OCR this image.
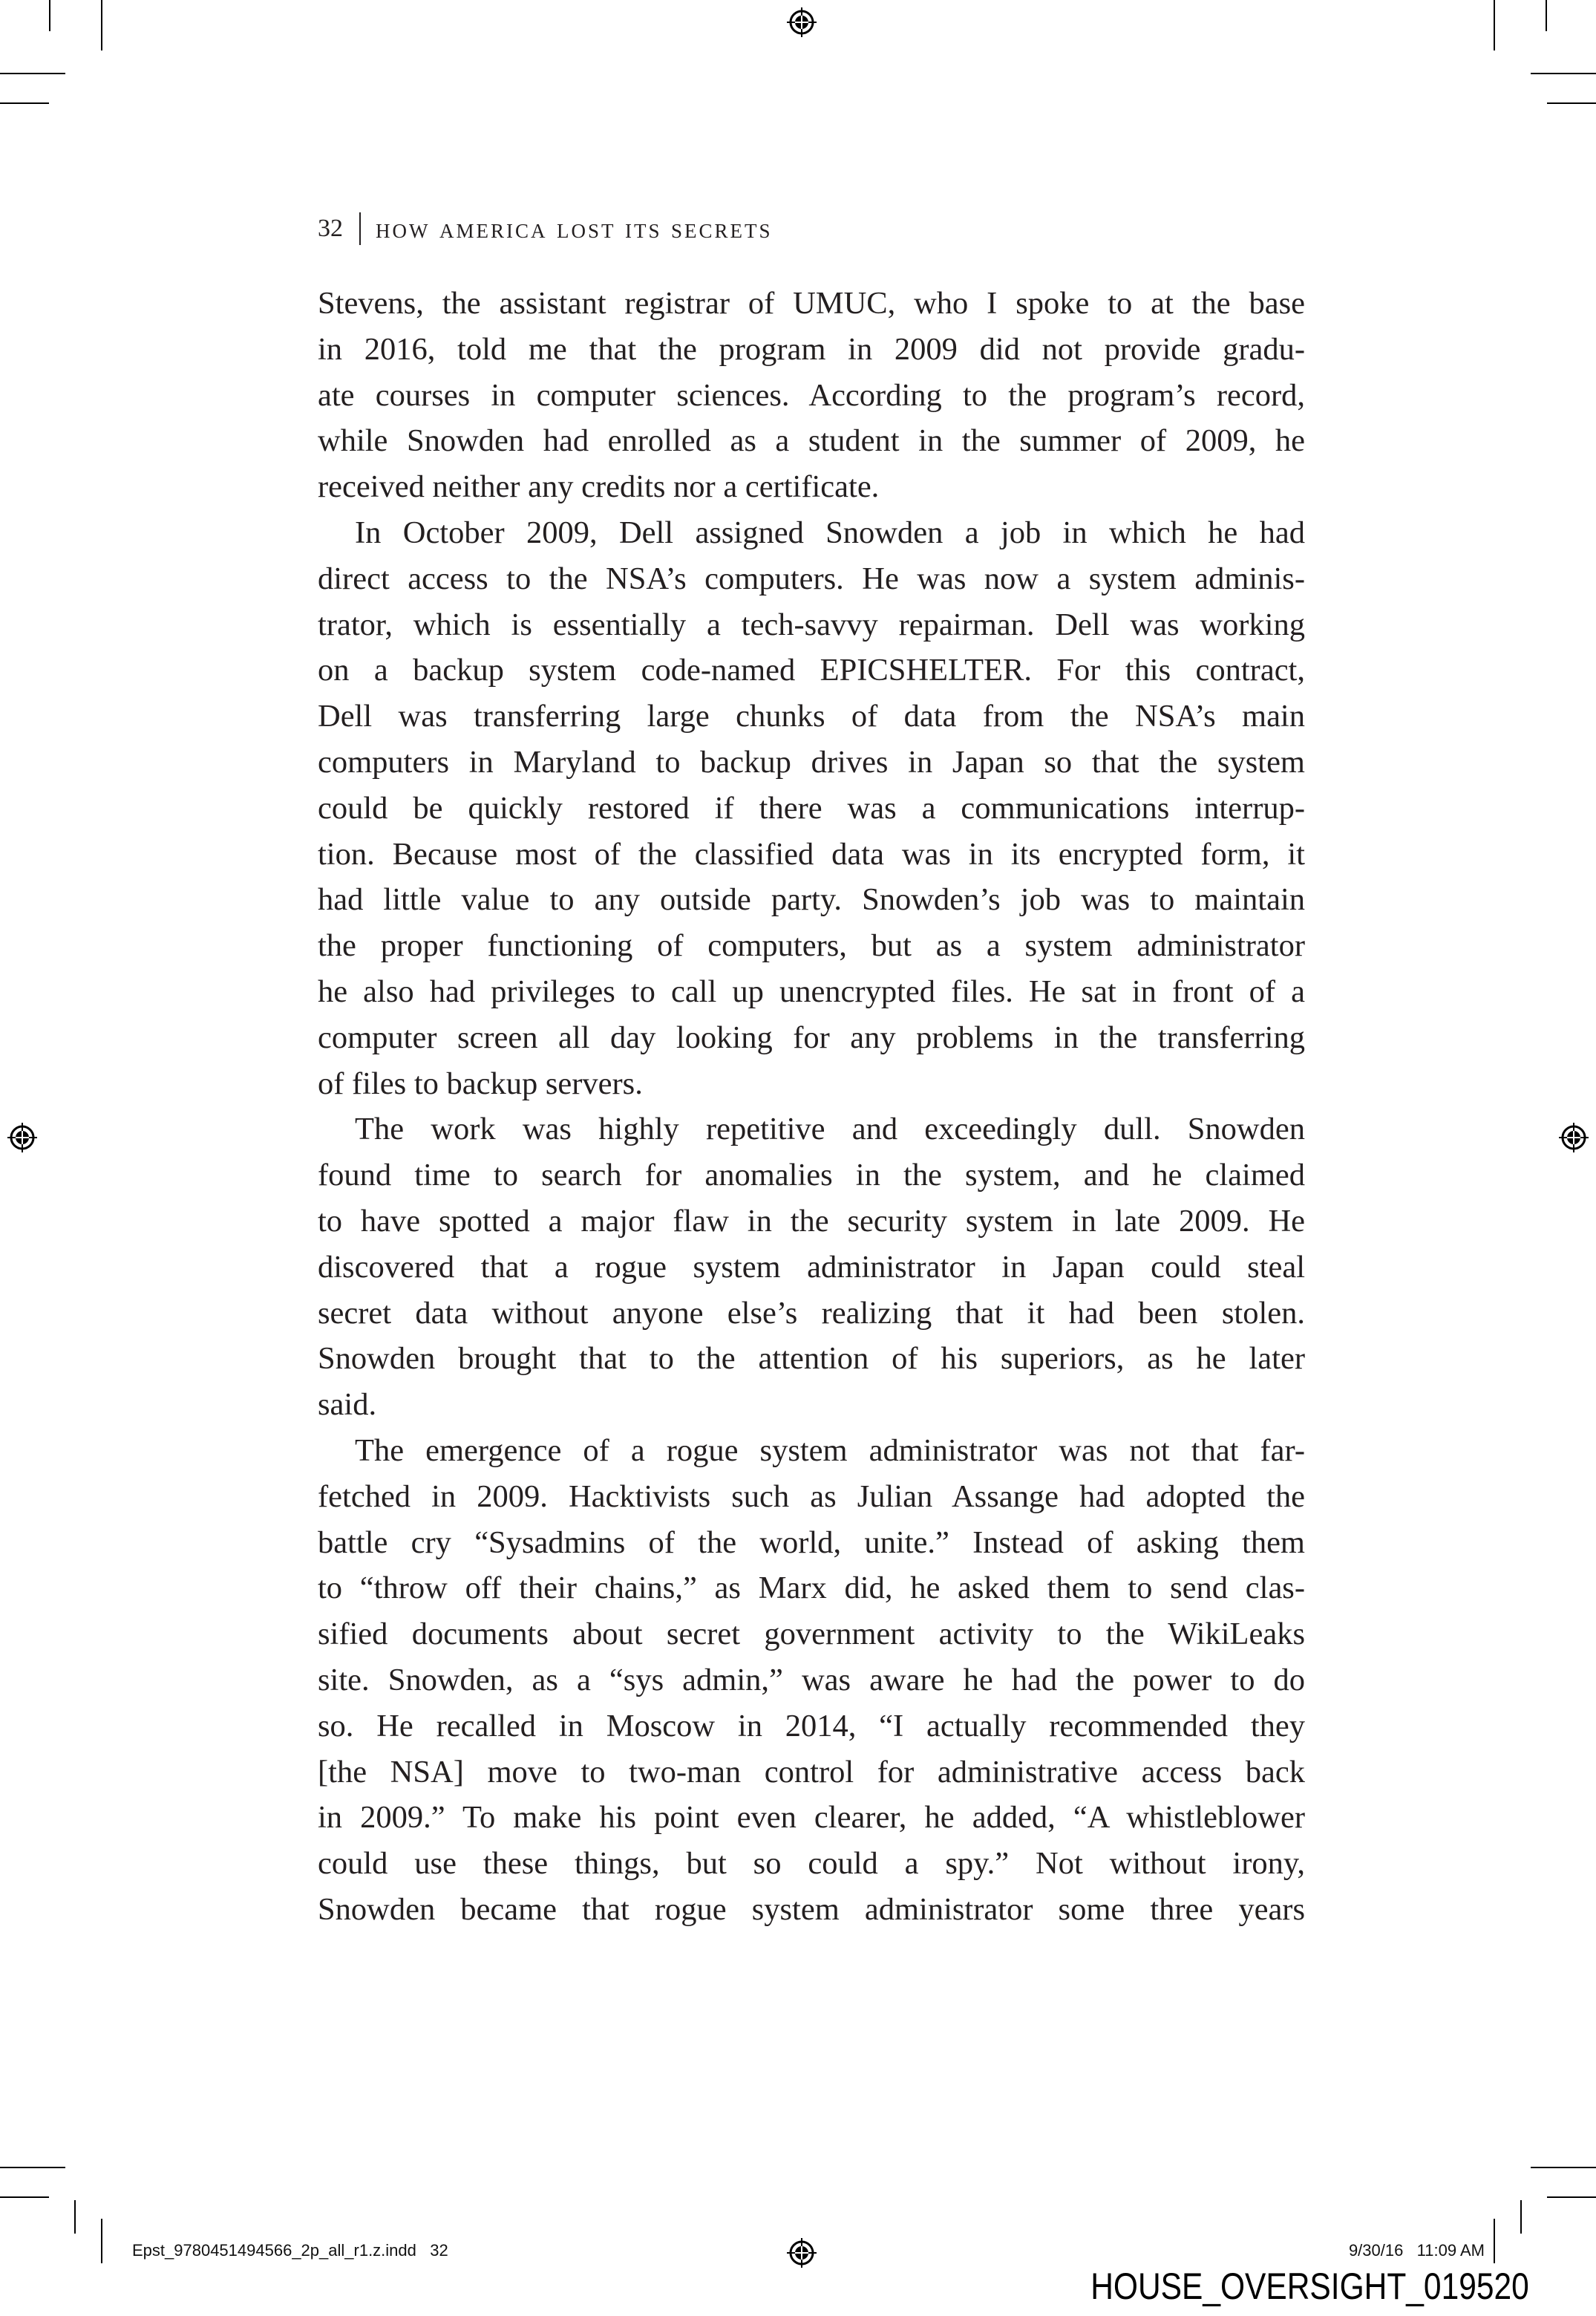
32 how america lost its secrets
Stevens, the assistant registrar of UMUC, who I spoke to at the base
in 2016, told me that the program in 2009 did not provide gradu-
ate courses in computer sciences. According to the program’s record,
while Snowden had enrolled as a student in the summer of 2009, he
received neither any credits nor a certificate.
In October 2009, Dell assigned Snowden a job in which he had
direct access to the NSA’s computers. He was now a system adminis-
trator, which is essentially a tech-savvy repairman. Dell was working
on a backup system code-named EPICSHELTER. For this contract,
Dell was transferring large chunks of data from the NSA’s main
computers in Maryland to backup drives in Japan so that the system
could be quickly restored if there was a communications interrup-
tion. Because most of the classified data was in its encrypted form, it
had little value to any outside party. Snowden’s job was to maintain
the proper functioning of computers, but as a system administrator
he also had privileges to call up unencrypted files. He sat in front of a
computer screen all day looking for any problems in the transferring
of files to backup servers.
The work was highly repetitive and exceedingly dull. Snowden
found time to search for anomalies in the system, and he claimed
to have spotted a major flaw in the security system in late 2009. He
discovered that a rogue system administrator in Japan could steal
secret data without anyone else’s realizing that it had been stolen.
Snowden brought that to the attention of his superiors, as he later
said.
The emergence of a rogue system administrator was not that far-
fetched in 2009. Hacktivists such as Julian Assange had adopted the
battle cry “Sysadmins of the world, unite.” Instead of asking them
to “throw off their chains,” as Marx did, he asked them to send clas-
sified documents about secret government activity to the WikiLeaks
site. Snowden, as a “sys admin,” was aware he had the power to do
so. He recalled in Moscow in 2014, “I actually recommended they
[the NSA] move to two-man control for administrative access back
in 2009.” To make his point even clearer, he added, “A whistleblower
could use these things, but so could a spy.” Not without irony,
Snowden became that rogue system administrator some three years
Epst_9780451494566_2p_all_r1.z.indd   32	9/30/16   11:09 AM
HOUSE_OVERSIGHT_019520
